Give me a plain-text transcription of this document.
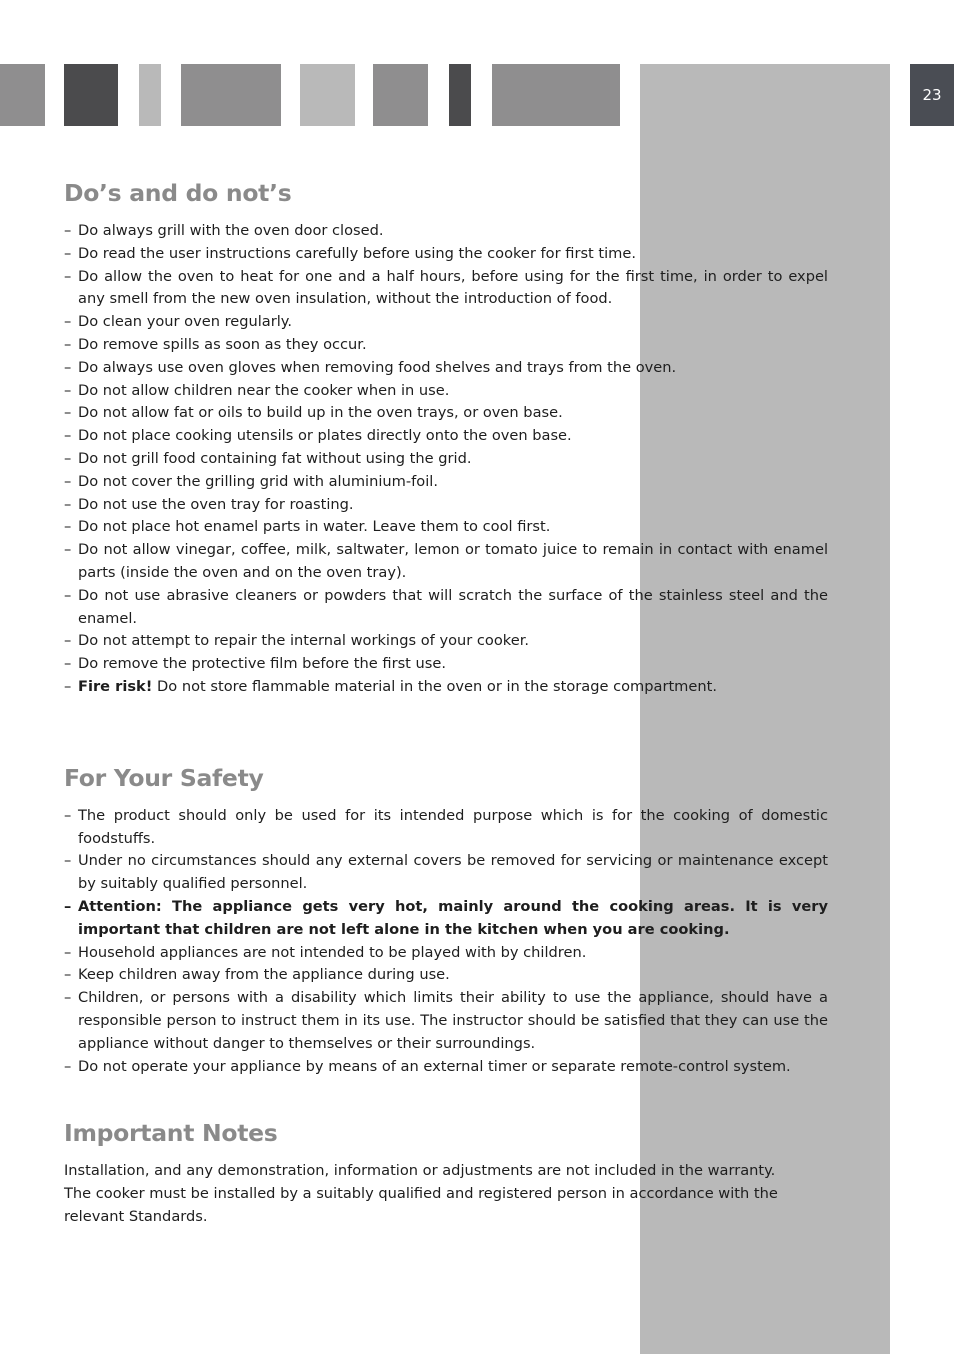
23
Do’s and do not’s
– Do always grill with the oven door closed.
– Do read the user instructions carefully before using the cooker for first time.
– Do allow the oven to heat for one and a half hours, before using for the first time, in order to expel any smell from the new oven insulation, without the introduction of food.
– Do clean your oven regularly.
– Do remove spills as soon as they occur.
– Do always use oven gloves when removing food shelves and trays from the oven.
– Do not allow children near the cooker when in use.
– Do not allow fat or oils to build up in the oven trays, or oven base.
– Do not place cooking utensils or plates directly onto the oven base.
– Do not grill food containing fat without using the grid.
– Do not cover the grilling grid with aluminium-foil.
– Do not use the oven tray for roasting.
– Do not place hot enamel parts in water. Leave them to cool first.
– Do not allow vinegar, coffee, milk, saltwater, lemon or tomato juice to remain in contact with enamel parts (inside the oven and on the oven tray).
– Do not use abrasive cleaners or powders that will scratch the surface of the stainless steel and the enamel.
– Do not attempt to repair the internal workings of your cooker.
– Do remove the protective film before the first use.
– Fire risk! Do not store flammable material in the oven or in the storage compartment.
For Your Safety
– The product should only be used for its intended purpose which is for the cooking of domestic foodstuffs.
– Under no circumstances should any external covers be removed for servicing or maintenance except by suitably qualified personnel.
– Attention: The appliance gets very hot, mainly around the cooking areas. It is very important that children are not left alone in the kitchen when you are cooking.
– Household appliances are not intended to be played with by children.
– Keep children away from the appliance during use.
– Children, or persons with a disability which limits their ability to use the appliance, should have a responsible person to instruct them in its use. The instructor should be satisfied that they can use the appliance without danger to themselves or their surroundings.
– Do not operate your appliance by means of an external timer or separate remote-control system.
Important Notes

Installation, and any demonstration, information or adjustments are not included in the warranty.

The cooker must be installed by a suitably qualified and registered person in accordance with the relevant Standards.
